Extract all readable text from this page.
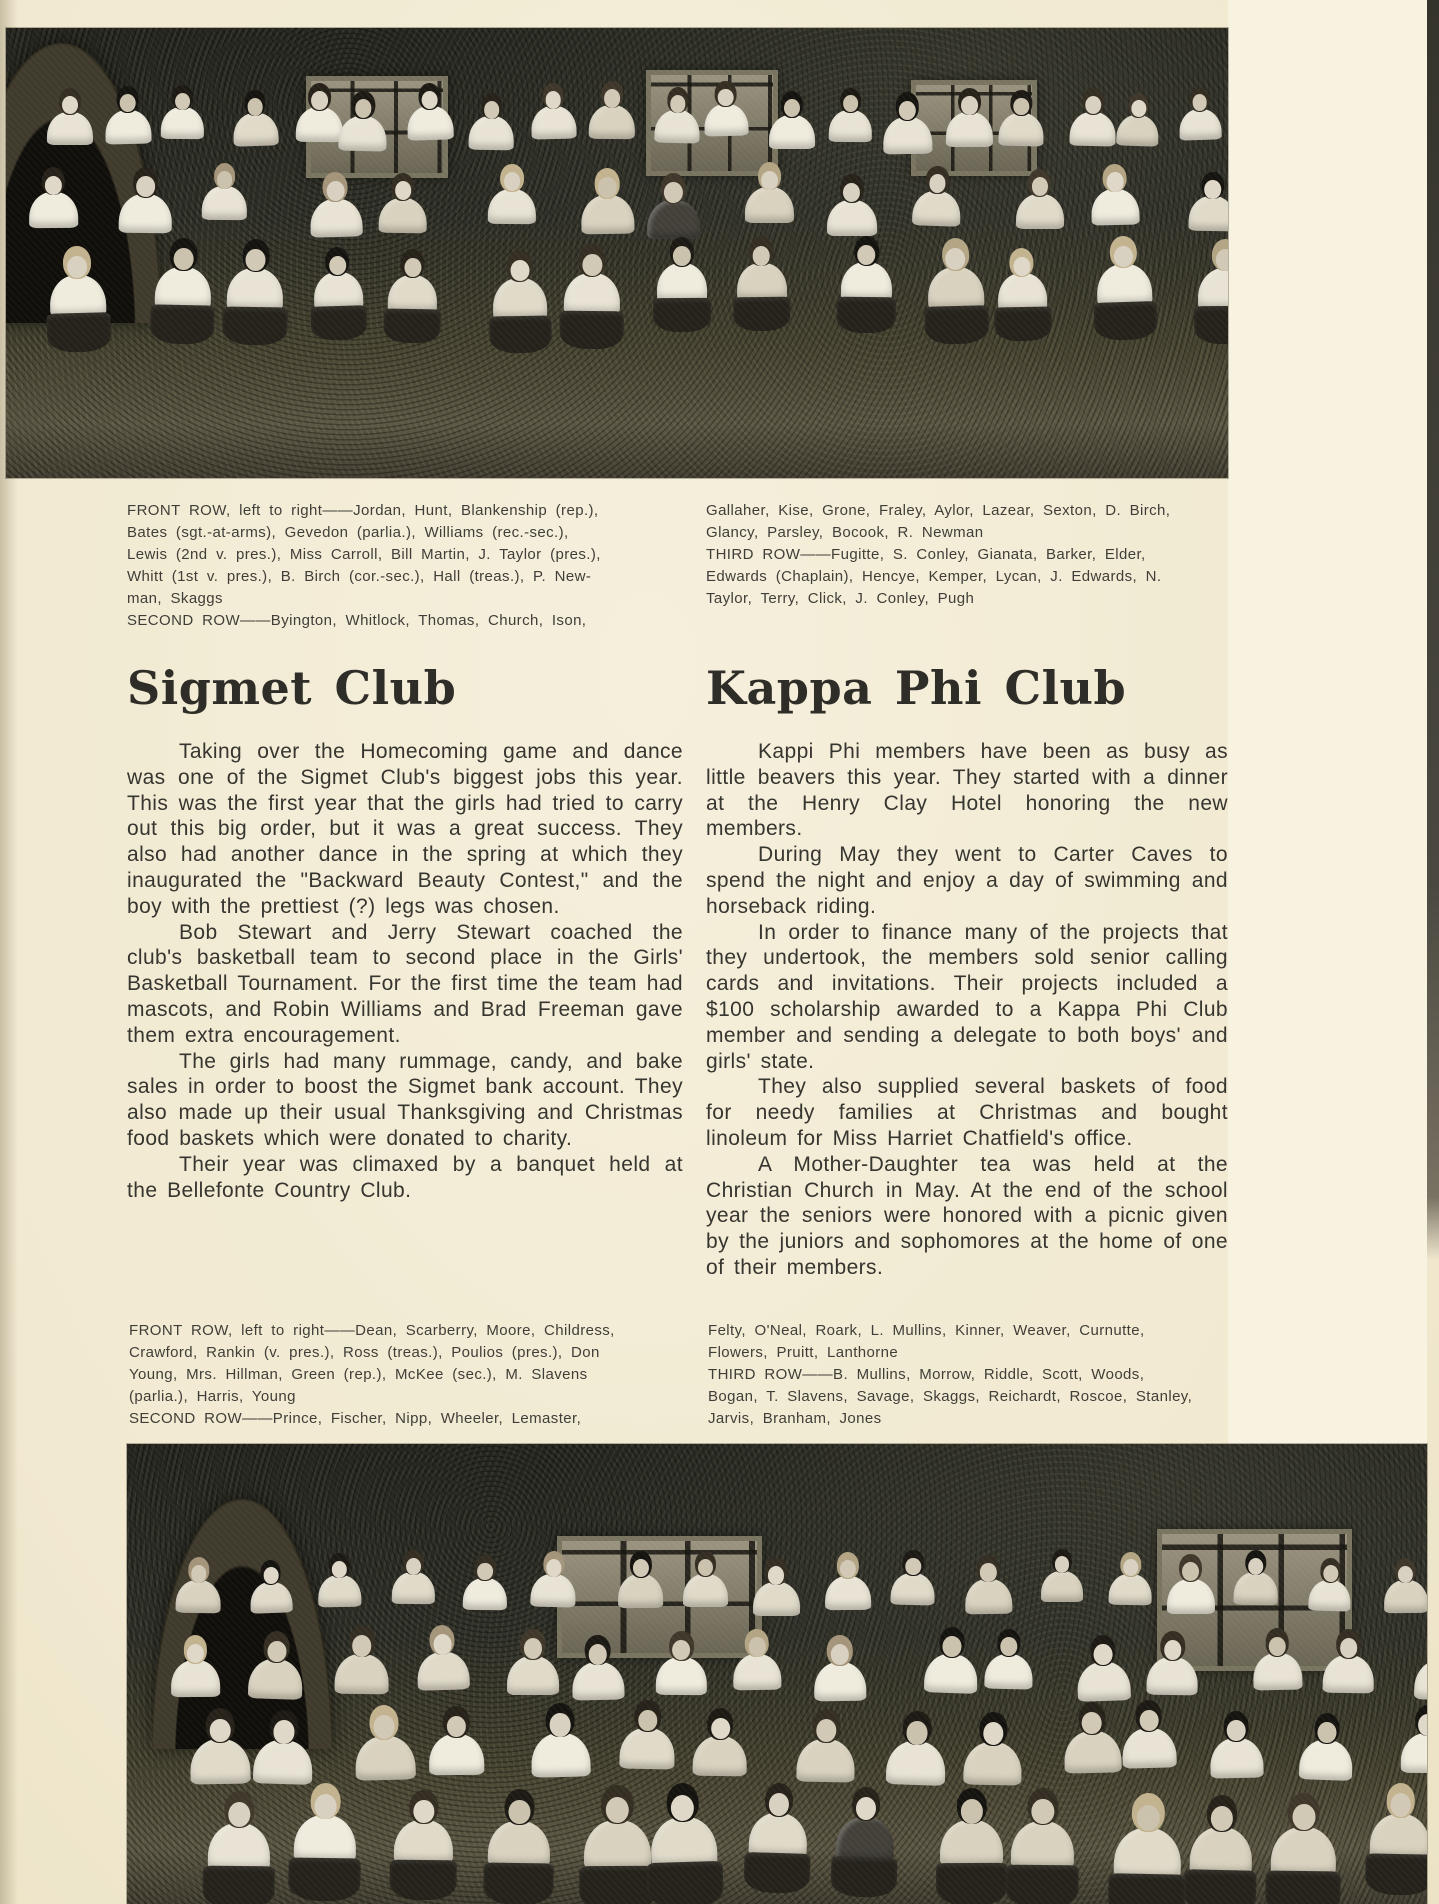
FRONT ROW, left to right——Jordan, Hunt, Blankenship (rep.),
Bates (sgt.-at-arms), Gevedon (parlia.), Williams (rec.-sec.),
Lewis (2nd v. pres.), Miss Carroll, Bill Martin, J. Taylor (pres.),
Whitt (1st v. pres.), B. Birch (cor.-sec.), Hall (treas.), P. New-
man, Skaggs
SECOND ROW——Byington, Whitlock, Thomas, Church, Ison,
Gallaher, Kise, Grone, Fraley, Aylor, Lazear, Sexton, D. Birch,
Glancy, Parsley, Bocook, R. Newman
THIRD ROW——Fugitte, S. Conley, Gianata, Barker, Elder,
Edwards (Chaplain), Hencye, Kemper, Lycan, J. Edwards, N.
Taylor, Terry, Click, J. Conley, Pugh
Sigmet Club
Taking over the Homecoming game and dance was one of the Sigmet Club's biggest jobs this year. This was the first year that the girls had tried to carry out this big order, but it was a great success. They also had another dance in the spring at which they inaugurated the "Backward Beauty Contest," and the boy with the prettiest (?) legs was chosen.
Bob Stewart and Jerry Stewart coached the club's basketball team to second place in the Girls' Basketball Tournament. For the first time the team had mascots, and Robin Williams and Brad Freeman gave them extra encouragement.
The girls had many rummage, candy, and bake sales in order to boost the Sigmet bank account. They also made up their usual Thanksgiving and Christmas food baskets which were donated to charity.
Their year was climaxed by a banquet held at the Bellefonte Country Club.
Kappa Phi Club
Kappi Phi members have been as busy as little beavers this year. They started with a dinner at the Henry Clay Hotel honoring the new members.
During May they went to Carter Caves to spend the night and enjoy a day of swimming and horseback riding.
In order to finance many of the projects that they undertook, the members sold senior calling cards and invitations. Their projects included a $100 scholarship awarded to a Kappa Phi Club member and sending a delegate to both boys' and girls' state.
They also supplied several baskets of food for needy families at Christmas and bought linoleum for Miss Harriet Chatfield's office.
A Mother-Daughter tea was held at the Christian Church in May. At the end of the school year the seniors were honored with a picnic given by the juniors and sophomores at the home of one of their members.
FRONT ROW, left to right——Dean, Scarberry, Moore, Childress,
Crawford, Rankin (v. pres.), Ross (treas.), Poulios (pres.), Don
Young, Mrs. Hillman, Green (rep.), McKee (sec.), M. Slavens
(parlia.), Harris, Young
SECOND ROW——Prince, Fischer, Nipp, Wheeler, Lemaster,
Felty, O'Neal, Roark, L. Mullins, Kinner, Weaver, Curnutte,
Flowers, Pruitt, Lanthorne
THIRD ROW——B. Mullins, Morrow, Riddle, Scott, Woods,
Bogan, T. Slavens, Savage, Skaggs, Reichardt, Roscoe, Stanley,
Jarvis, Branham, Jones
